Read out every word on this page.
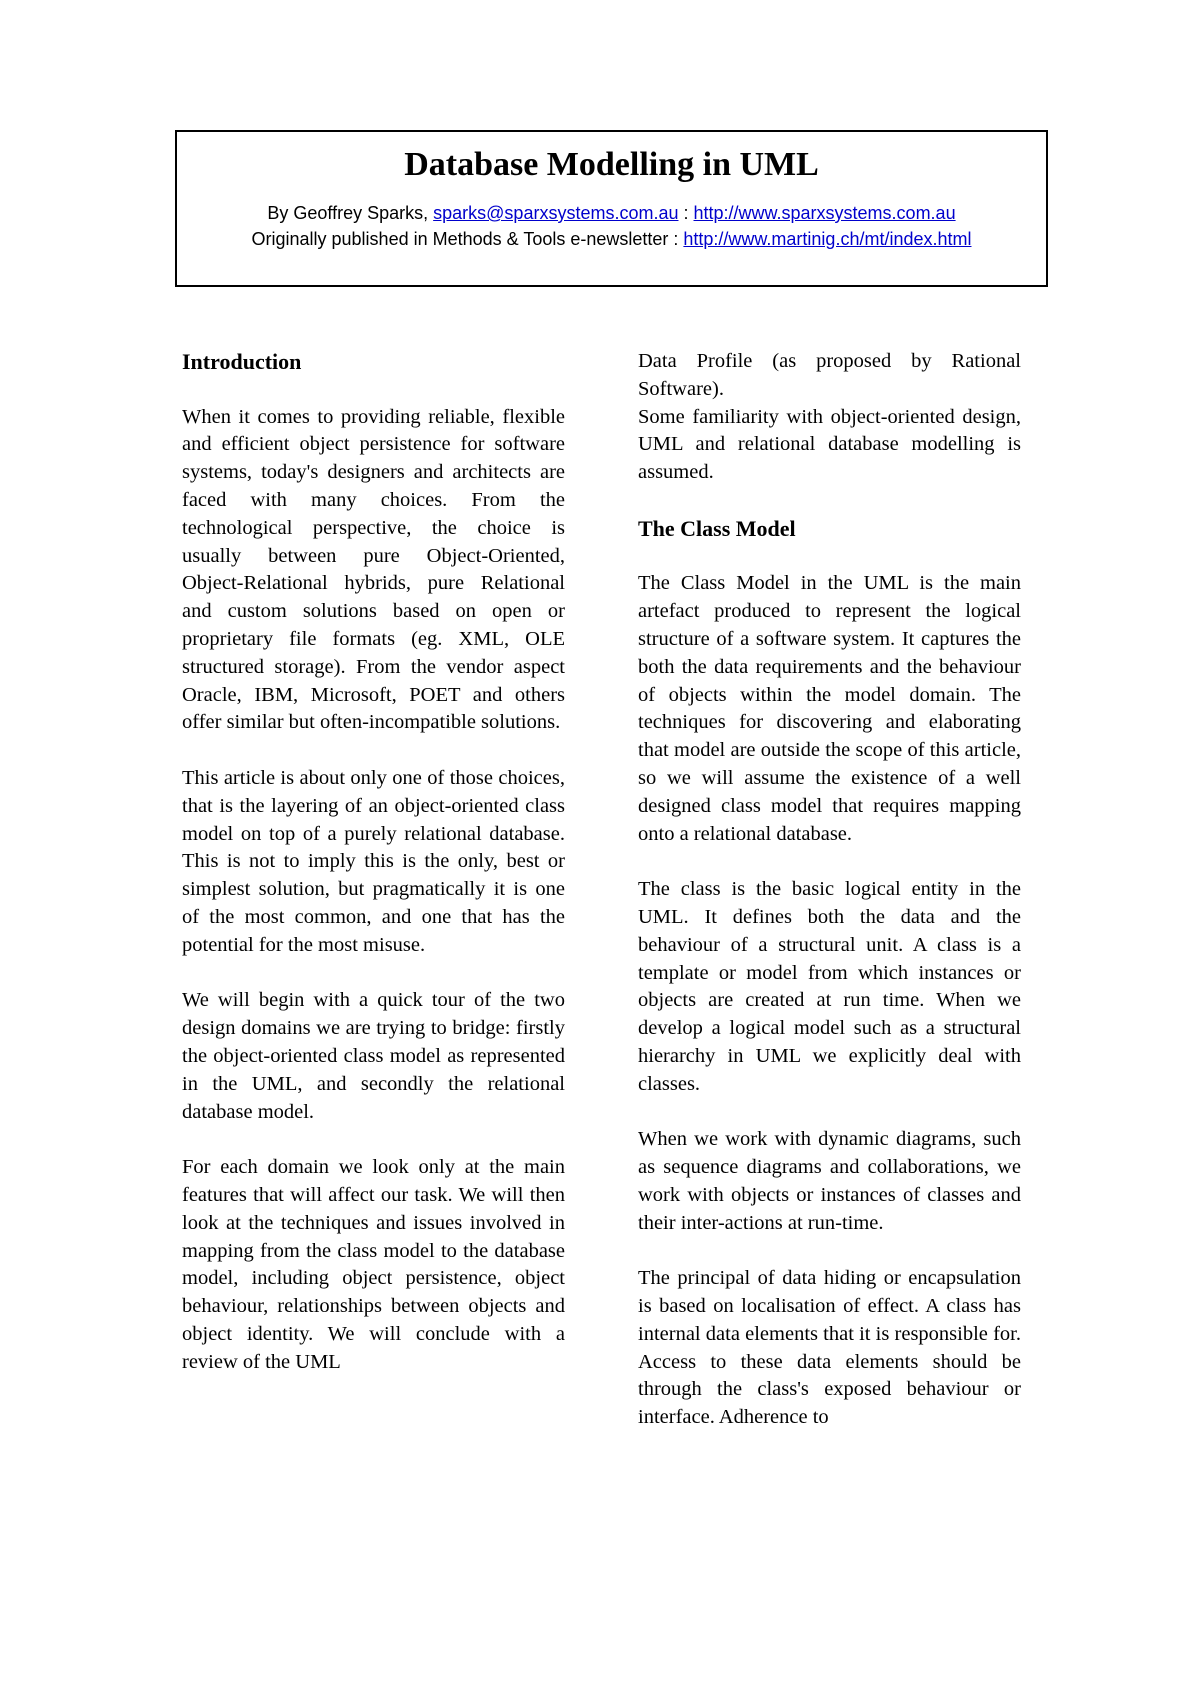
Database Modelling in UML
By Geoffrey Sparks, sparks@sparxsystems.com.au : http://www.sparxsystems.com.au
Originally published in Methods & Tools e-newsletter : http://www.martinig.ch/mt/index.html
Introduction

When it comes to providing reliable, flexible and efficient object persistence for software systems, today's designers and architects are faced with many choices. From the technological perspective, the choice is usually between pure Object-Oriented, Object-Relational hybrids, pure Relational and custom solutions based on open or proprietary file formats (eg. XML, OLE structured storage). From the vendor aspect Oracle, IBM, Microsoft, POET and others offer similar but often-incompatible solutions.

This article is about only one of those choices, that is the layering of an object-oriented class model on top of a purely relational database. This is not to imply this is the only, best or simplest solution, but pragmatically it is one of the most common, and one that has the potential for the most misuse.

We will begin with a quick tour of the two design domains we are trying to bridge: firstly the object-oriented class model as represented in the UML, and secondly the relational database model.

For each domain we look only at the main features that will affect our task. We will then look at the techniques and issues involved in mapping from the class model to the database model, including object persistence, object behaviour, relationships between objects and object identity. We will conclude with a review of the UML

Data Profile (as proposed by Rational Software).

Some familiarity with object-oriented design, UML and relational database modelling is assumed.

The Class Model

The Class Model in the UML is the main artefact produced to represent the logical structure of a software system. It captures the both the data requirements and the behaviour of objects within the model domain. The techniques for discovering and elaborating that model are outside the scope of this article, so we will assume the existence of a well designed class model that requires mapping onto a relational database.

The class is the basic logical entity in the UML. It defines both the data and the behaviour of a structural unit. A class is a template or model from which instances or objects are created at run time. When we develop a logical model such as a structural hierarchy in UML we explicitly deal with classes.

When we work with dynamic diagrams, such as sequence diagrams and collaborations, we work with objects or instances of classes and their inter-actions at run-time.

The principal of data hiding or encapsulation is based on localisation of effect. A class has internal data elements that it is responsible for. Access to these data elements should be through the class's exposed behaviour or interface. Adherence to
